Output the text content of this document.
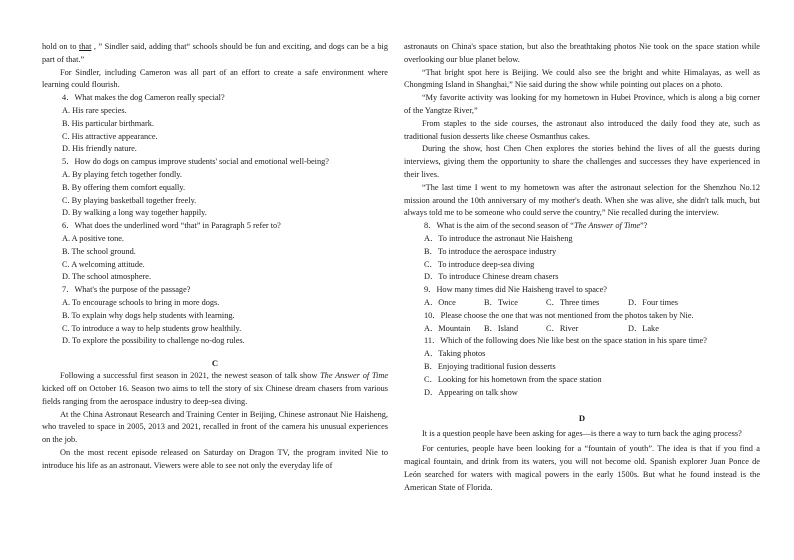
hold on to that , ” Sindler said, adding that“ schools should be fun and exciting, and dogs can be a big part of that.”

For Sindler, including Cameron was all part of an effort to create a safe environment where learning could flourish.

4．What makes the dog Cameron really special?
A. His rare species.
B. His particular birthmark.
C. His attractive appearance.
D. His friendly nature.
5．How do dogs on campus improve students' social and emotional well-being?
A. By playing fetch together fondly.
B. By offering them comfort equally.
C. By playing basketball together freely.
D. By walking a long way together happily.
6．What does the underlined word “that” in Paragraph 5 refer to?
A. A positive tone.
B. The school ground.
C. A welcoming attitude.
D. The school atmosphere.
7．What's the purpose of the passage?
A. To encourage schools to bring in more dogs.
B. To explain why dogs help students with learning.
C. To introduce a way to help students grow healthily.
D. To explore the possibility to challenge no-dog rules.
C

Following a successful first season in 2021, the newest season of talk show The Answer of Time kicked off on October 16. Season two aims to tell the story of six Chinese dream chasers from various fields ranging from the aerospace industry to deep-sea diving.

At the China Astronaut Research and Training Center in Beijing, Chinese astronaut Nie Haisheng, who traveled to space in 2005, 2013 and 2021, recalled in front of the camera his unusual experiences on the job.

On the most recent episode released on Saturday on Dragon TV, the program invited Nie to introduce his life as an astronaut. Viewers were able to see not only the everyday life of

astronauts on China's space station, but also the breathtaking photos Nie took on the space station while overlooking our blue planet below.

“That bright spot here is Beijing. We could also see the bright and white Himalayas, as well as Chongming Island in Shanghai,” Nie said during the show while pointing out places on a photo.

“My favorite activity was looking for my hometown in Hubei Province, which is along a big corner of the Yangtze River,”

From staples to the side courses, the astronaut also introduced the daily food they ate, such as traditional fusion desserts like cheese Osmanthus cakes.

During the show, host Chen Chen explores the stories behind the lives of all the guests during interviews, giving them the opportunity to share the challenges and successes they have experienced in their lives.

“The last time I went to my hometown was after the astronaut selection for the Shenzhou No.12 mission around the 10th anniversary of my mother's death. When she was alive, she didn't talk much, but always told me to be someone who could serve the country,” Nie recalled during the interview.

8．What is the aim of the second season of “The Answer of Time”?
A．To introduce the astronaut Nie Haisheng
B．To introduce the aerospace industry
C．To introduce deep-sea diving
D．To introduce Chinese dream chasers
9．How many times did Nie Haisheng travel to space?
A．Once	B．Twice	C．Three times	D．Four times
10．Please choose the one that was not mentioned from the photos taken by Nie.
A．Mountain	B．Island	C．River	D．Lake
11．Which of the following does Nie like best on the space station in his spare time?
A．Taking photos
B．Enjoying traditional fusion desserts
C．Looking for his hometown from the space station
D．Appearing on talk show
D

It is a question people have been asking for ages—is there a way to turn back the aging process?

For centuries, people have been looking for a “fountain of youth”. The idea is that if you find a magical fountain, and drink from its waters, you will not become old. Spanish explorer Juan Ponce de León searched for waters with magical powers in the early 1500s. But what he found instead is the American State of Florida.
